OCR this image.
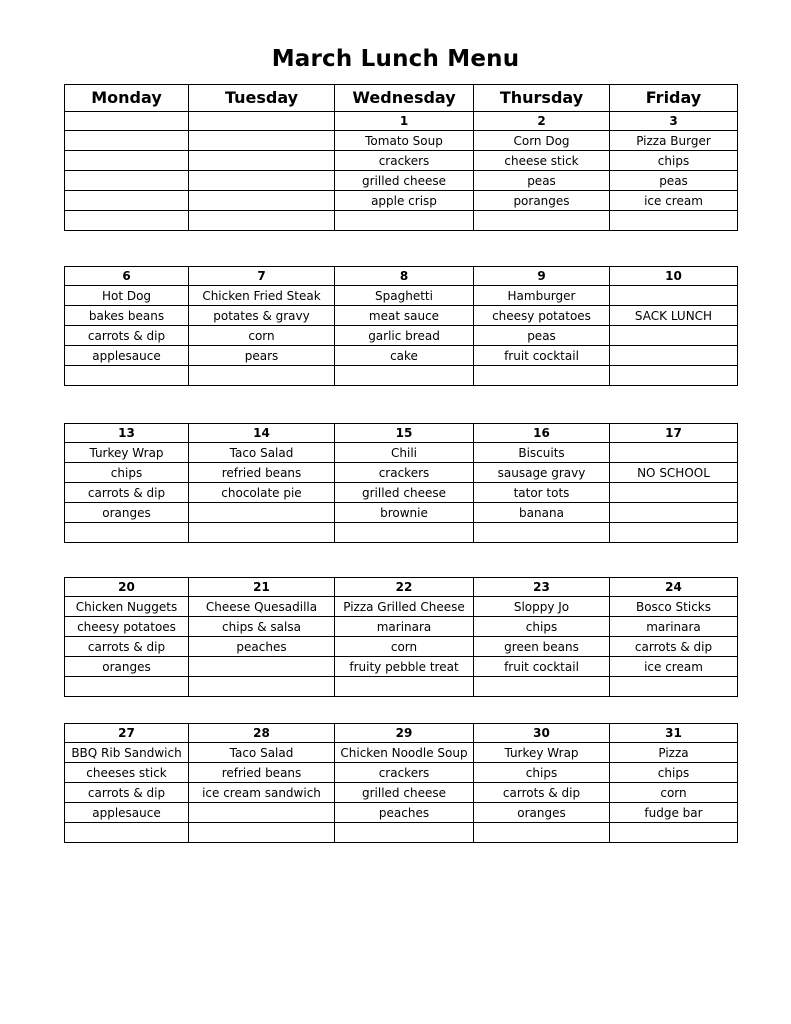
March Lunch Menu
Monday	Tuesday	Wednesday	Thursday	Friday
		1	2	3
		Tomato Soup	Corn Dog	Pizza Burger
		crackers	cheese stick	chips
		grilled cheese	peas	peas
		apple crisp	poranges	ice cream

6	7	8	9	10
Hot Dog	Chicken Fried Steak	Spaghetti	Hamburger	
bakes beans	potates & gravy	meat sauce	cheesy potatoes	SACK LUNCH
carrots & dip	corn	garlic bread	peas	
applesauce	pears	cake	fruit cocktail	

13	14	15	16	17
Turkey Wrap	Taco Salad	Chili	Biscuits	
chips	refried beans	crackers	sausage gravy	NO SCHOOL
carrots & dip	chocolate pie	grilled cheese	tator tots	
oranges		brownie	banana	

20	21	22	23	24
Chicken Nuggets	Cheese Quesadilla	Pizza Grilled Cheese	Sloppy Jo	Bosco Sticks
cheesy potatoes	chips & salsa	marinara	chips	marinara
carrots & dip	peaches	corn	green beans	carrots & dip
oranges		fruity pebble treat	fruit cocktail	ice cream

27	28	29	30	31
BBQ Rib Sandwich	Taco Salad	Chicken Noodle Soup	Turkey Wrap	Pizza
cheeses stick	refried beans	crackers	chips	chips
carrots & dip	ice cream sandwich	grilled cheese	carrots & dip	corn
applesauce		peaches	oranges	fudge bar
